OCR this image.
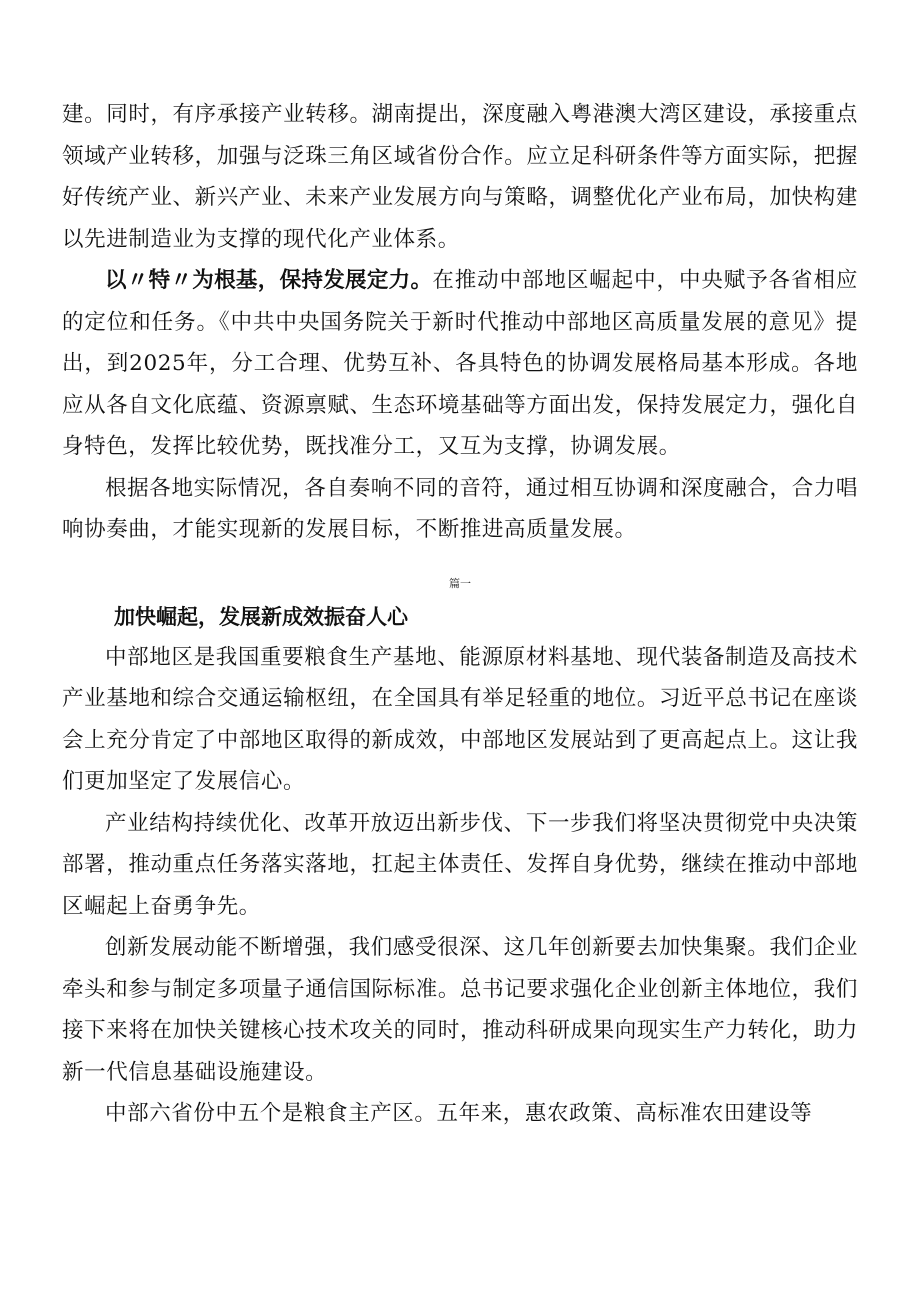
建。同时，有序承接产业转移。湖南提出，深度融入粤港澳大湾区建设，承接重点领域产业转移，加强与泛珠三角区域省份合作。应立足科研条件等方面实际，把握好传统产业、新兴产业、未来产业发展方向与策略，调整优化产业布局，加快构建以先进制造业为支撑的现代化产业体系。

以〃特〃为根基，保持发展定力。在推动中部地区崛起中，中央赋予各省相应的定位和任务。《中共中央国务院关于新时代推动中部地区高质量发展的意见》提出，到2025年，分工合理、优势互补、各具特色的协调发展格局基本形成。各地应从各自文化底蕴、资源禀赋、生态环境基础等方面出发，保持发展定力，强化自身特色，发挥比较优势，既找准分工，又互为支撑，协调发展。

根据各地实际情况，各自奏响不同的音符，通过相互协调和深度融合，合力唱响协奏曲，才能实现新的发展目标，不断推进高质量发展。

篇一
加快崛起，发展新成效振奋人心

中部地区是我国重要粮食生产基地、能源原材料基地、现代装备制造及高技术产业基地和综合交通运输枢纽，在全国具有举足轻重的地位。习近平总书记在座谈会上充分肯定了中部地区取得的新成效，中部地区发展站到了更高起点上。这让我们更加坚定了发展信心。

产业结构持续优化、改革开放迈出新步伐、下一步我们将坚决贯彻党中央决策部署，推动重点任务落实落地，扛起主体责任、发挥自身优势，继续在推动中部地区崛起上奋勇争先。

创新发展动能不断增强，我们感受很深、这几年创新要去加快集聚。我们企业牵头和参与制定多项量子通信国际标准。总书记要求强化企业创新主体地位，我们接下来将在加快关键核心技术攻关的同时，推动科研成果向现实生产力转化，助力新一代信息基础设施建设。

中部六省份中五个是粮食主产区。五年来，惠农政策、高标准农田建设等
